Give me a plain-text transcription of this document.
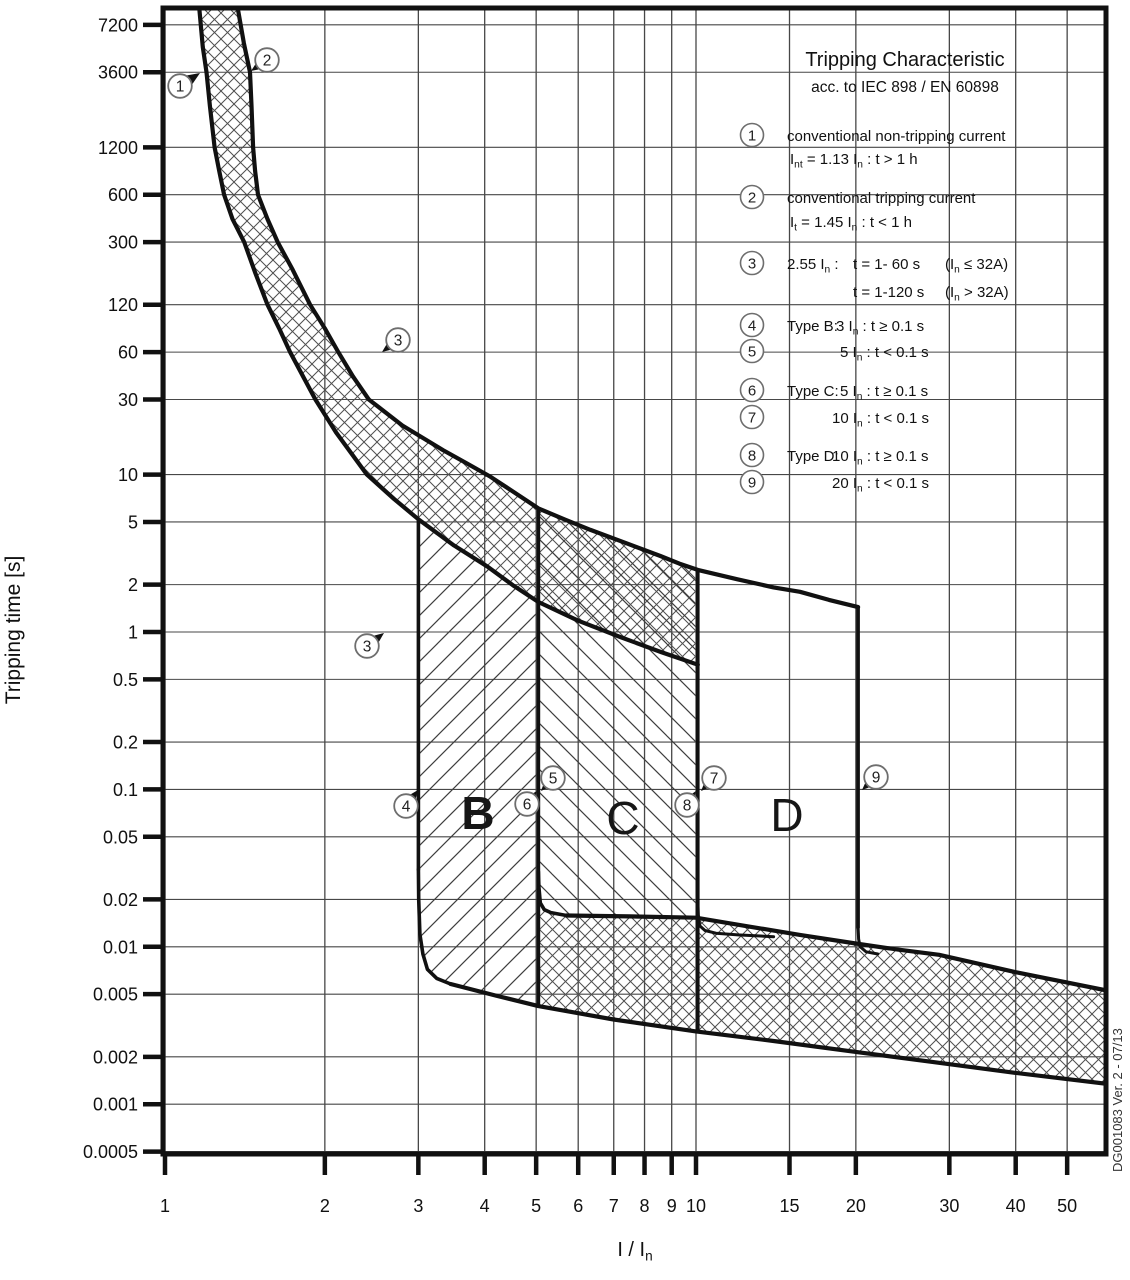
1	2	3	4 5 6 7 8 9 10	15	20	30	40 50
7200
3600
1200
600
300
120
60
30
10
5
2
1
0.5
0.2
0.1
0.05
0.02
0.01
0.005
0.002
0.001
0.0005
B C	D
1
2
3
3
4
5
6
7
8
9
Tripping Characteristic
acc. to IEC 898 / EN 60898
1 conventional non-tripping current
$I_{nt} = 1.13$ $I_n$ : t > 1 h
2 conventional tripping current
$I_t = 1.45$ $I_n$ : t < 1 h
3 2.55 $I_n$ : t = 1- 60 s $(I_n \le 32A)$
t = 1-120 s $(I_n > 32A)$
4 Type B:
3 $I_n$ : t ≥ 0.1 s
5	5 $I_n$ : t < 0.1 s
6 Type C: 5 $I_n$ : t ≥ 0.1 s
7	10 $I_n$ : t < 0.1 s
8 Type D:
10 $I_n$ : t ≥ 0.1 s
9	20 $I_n$ : t < 0.1 s
I / $I_n$
Tripping time [s]
DG001083 Ver. 2 - 07/13
